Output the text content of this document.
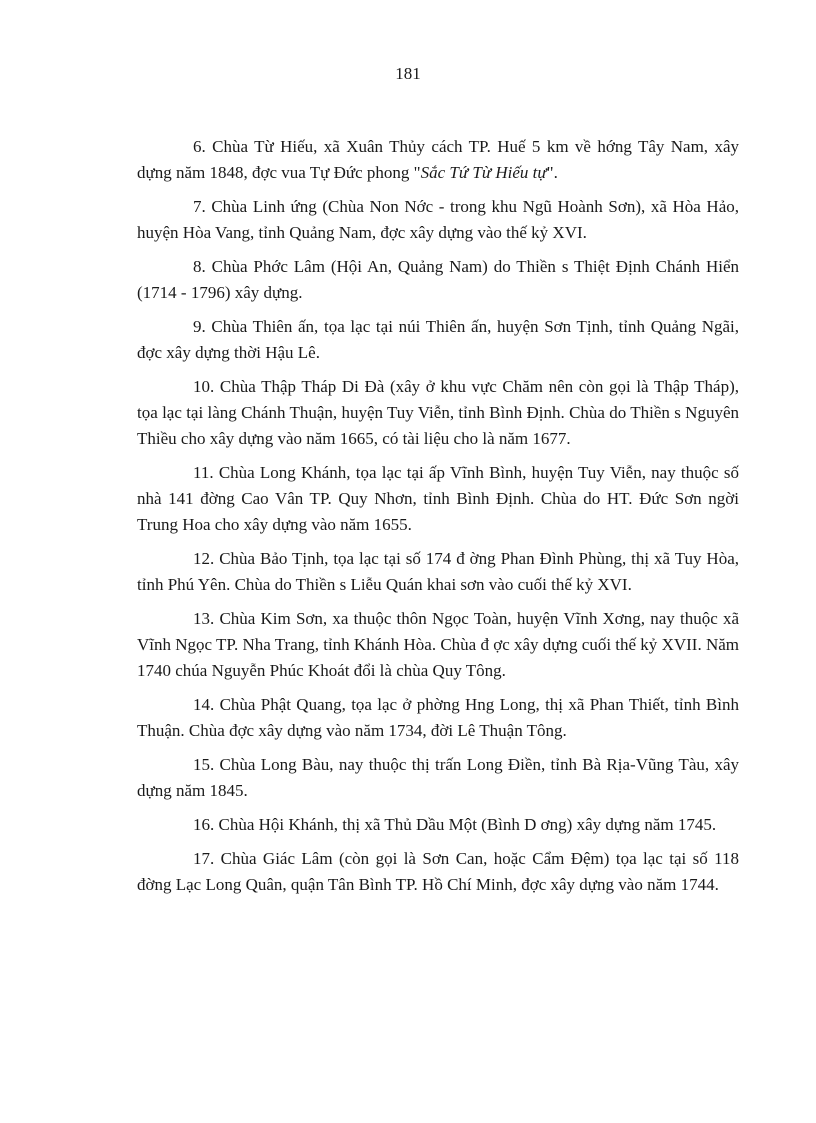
181

6. Chùa Từ Hiếu, xã Xuân Thủy cách TP. Huế 5 km về hớng Tây Nam, xây dựng năm 1848, đợc vua Tự Đức phong "Sắc Tứ Từ Hiếu tự".

7. Chùa Linh ứng (Chùa Non Nớc - trong khu Ngũ Hoành Sơn), xã Hòa Hảo, huyện Hòa Vang, tỉnh Quảng Nam, đợc xây dựng vào thế kỷ XVI.

8. Chùa Phớc Lâm (Hội An, Quảng Nam) do Thiền s Thiệt Định Chánh Hiển (1714 - 1796) xây dựng.

9. Chùa Thiên ấn, tọa lạc tại núi Thiên ấn, huyện Sơn Tịnh, tỉnh Quảng Ngãi, đợc xây dựng thời Hậu Lê.

10. Chùa Thập Tháp Di Đà (xây ở khu vực Chăm nên còn gọi là Thập Tháp), tọa lạc tại làng Chánh Thuận, huyện Tuy Viễn, tỉnh Bình Định. Chùa do Thiền s Nguyên Thiều cho xây dựng vào năm 1665, có tài liệu cho là năm 1677.

11. Chùa Long Khánh, tọa lạc tại ấp Vĩnh Bình, huyện Tuy Viễn, nay thuộc số nhà 141 đờng Cao Vân TP. Quy Nhơn, tỉnh Bình Định. Chùa do HT. Đức Sơn ngời Trung Hoa cho xây dựng vào năm 1655.

12. Chùa Bảo Tịnh, tọa lạc tại số 174 đ ờng Phan Đình Phùng, thị xã Tuy Hòa, tỉnh Phú Yên. Chùa do Thiền s Liễu Quán khai sơn vào cuối thế kỷ XVI.

13. Chùa Kim Sơn, xa thuộc thôn Ngọc Toàn, huyện Vĩnh Xơng, nay thuộc xã Vĩnh Ngọc TP. Nha Trang, tỉnh Khánh Hòa. Chùa đ ợc xây dựng cuối thế kỷ XVII. Năm 1740 chúa Nguyễn Phúc Khoát đổi là chùa Quy Tông.

14. Chùa Phật Quang, tọa lạc ở phờng Hng Long, thị xã Phan Thiết, tỉnh Bình Thuận. Chùa đợc xây dựng vào năm 1734, đời Lê Thuận Tông.

15. Chùa Long Bàu, nay thuộc thị trấn Long Điền, tỉnh Bà Rịa-Vũng Tàu, xây dựng năm 1845.

16. Chùa Hội Khánh, thị xã Thủ Dầu Một (Bình D ơng) xây dựng năm 1745.

17. Chùa Giác Lâm (còn gọi là Sơn Can, hoặc Cẩm Đệm) tọa lạc tại số 118 đờng Lạc Long Quân, quận Tân Bình TP. Hồ Chí Minh, đợc xây dựng vào năm 1744.
